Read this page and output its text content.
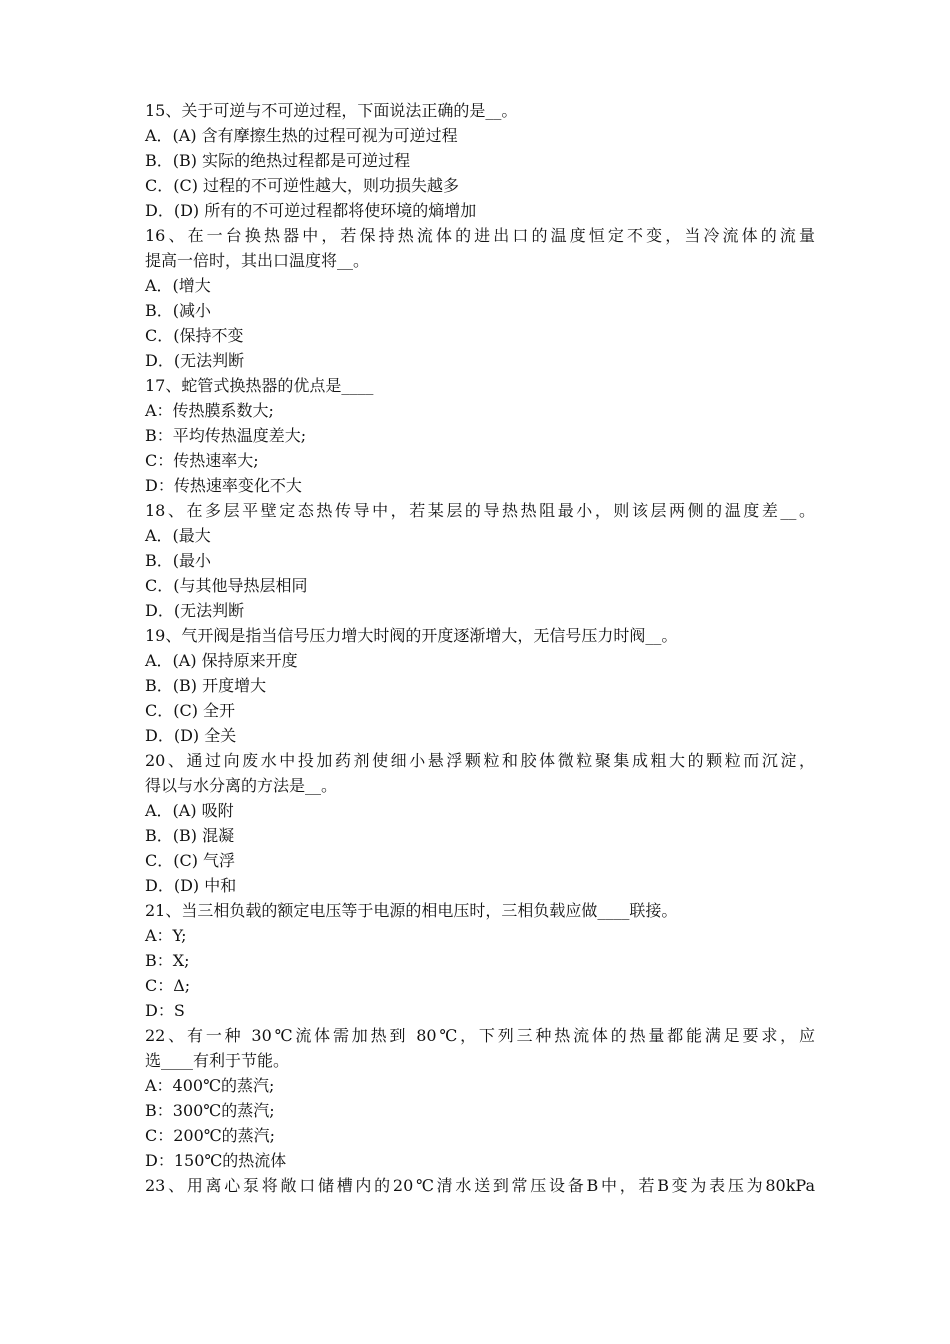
15、关于可逆与不可逆过程，下面说法正确的是__。
A．(A) 含有摩擦生热的过程可视为可逆过程
B．(B) 实际的绝热过程都是可逆过程
C．(C) 过程的不可逆性越大，则功损失越多
D．(D) 所有的不可逆过程都将使环境的熵增加
16、在一台换热器中，若保持热流体的进出口的温度恒定不变，当冷流体的流量
提高一倍时，其出口温度将__。
A．(增大
B．(减小
C．(保持不变
D．(无法判断
17、蛇管式换热器的优点是____
A：传热膜系数大;
B：平均传热温度差大;
C：传热速率大;
D：传热速率变化不大
18、在多层平壁定态热传导中，若某层的导热热阻最小，则该层两侧的温度差__。
A．(最大
B．(最小
C．(与其他导热层相同
D．(无法判断
19、气开阀是指当信号压力增大时阀的开度逐渐增大，无信号压力时阀__。
A．(A) 保持原来开度
B．(B) 开度增大
C．(C) 全开
D．(D) 全关
20、通过向废水中投加药剂使细小悬浮颗粒和胶体微粒聚集成粗大的颗粒而沉淀，
得以与水分离的方法是__。
A．(A) 吸附
B．(B) 混凝
C．(C) 气浮
D．(D) 中和
21、当三相负载的额定电压等于电源的相电压时，三相负载应做____联接。
A：Y;
B：X;
C：Δ;
D：S
22、有一种 30℃流体需加热到 80℃，下列三种热流体的热量都能满足要求，应
选____有利于节能。
A：400℃的蒸汽;
B：300℃的蒸汽;
C：200℃的蒸汽;
D：150℃的热流体
23、用离心泵将敞口储槽内的20℃清水送到常压设备B中，若B变为表压为80kPa
